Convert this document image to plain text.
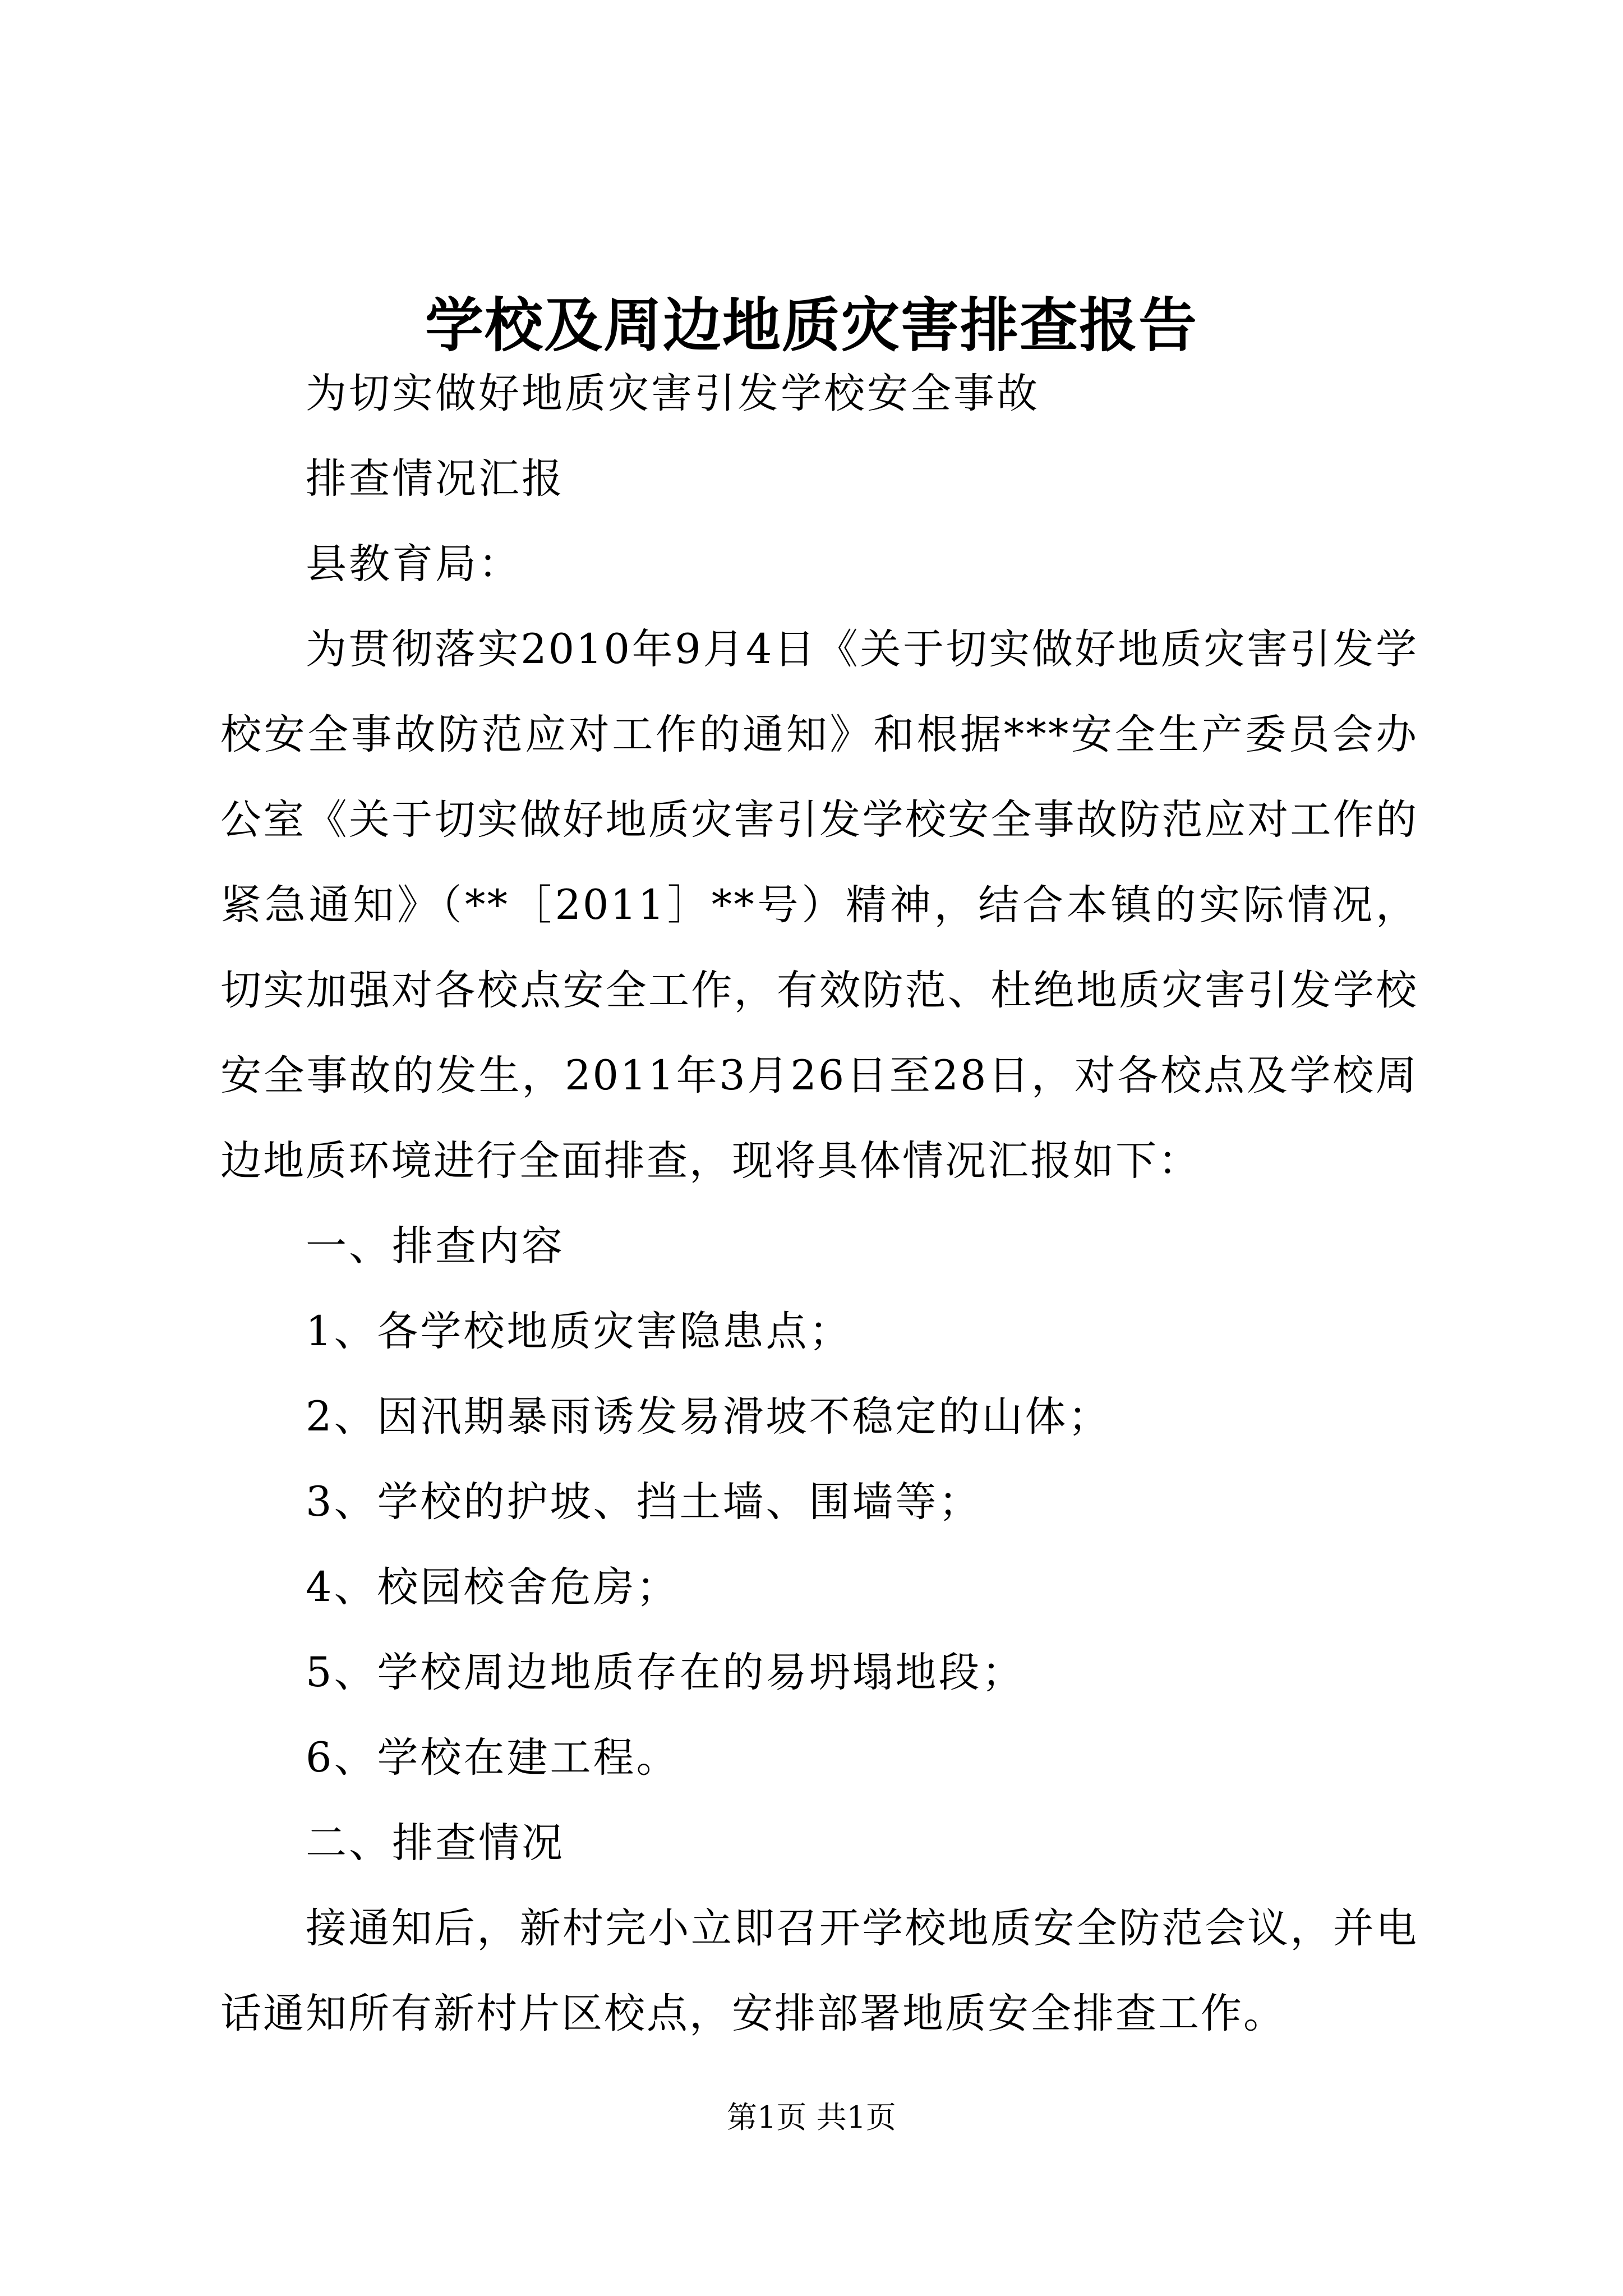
学校及周边地质灾害排查报告
为切实做好地质灾害引发学校安全事故
排查情况汇报
县教育局：
为贯彻落实2010年9月4日《关于切实做好地质灾害引发学校安全事故防范应对工作的通知》和根据***安全生产委员会办公室《关于切实做好地质灾害引发学校安全事故防范应对工作的紧急通知》（**［2011］**号）精神，结合本镇的实际情况，切实加强对各校点安全工作，有效防范、杜绝地质灾害引发学校安全事故的发生，2011年3月26日至28日，对各校点及学校周边地质环境进行全面排查，现将具体情况汇报如下：
一、排查内容
1、各学校地质灾害隐患点；
2、因汛期暴雨诱发易滑坡不稳定的山体；
3、学校的护坡、挡土墙、围墙等；
4、校园校舍危房；
5、学校周边地质存在的易坍塌地段；
6、学校在建工程。
二、排查情况
接通知后，新村完小立即召开学校地质安全防范会议，并电话通知所有新村片区校点，安排部署地质安全排查工作。
第1页 共1页
